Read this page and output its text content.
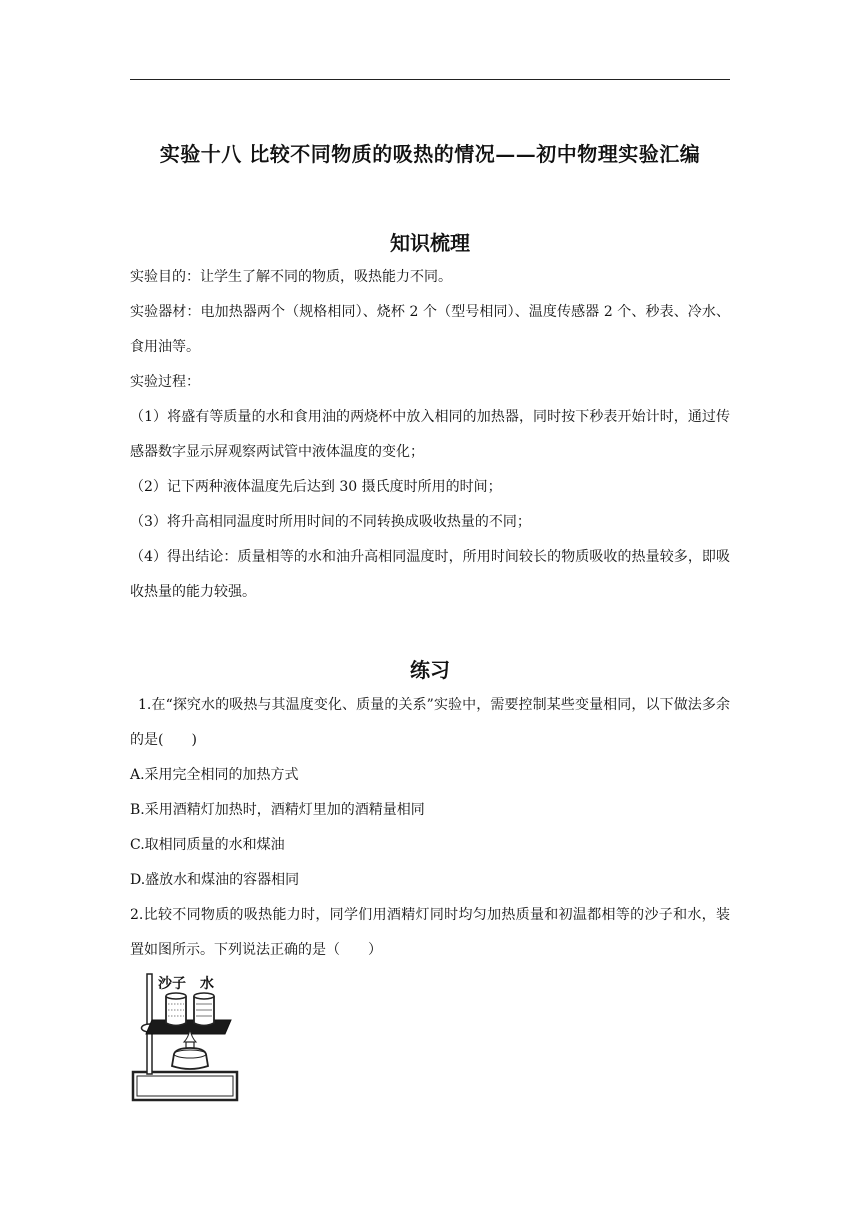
实验十八 比较不同物质的吸热的情况——初中物理实验汇编
知识梳理

实验目的：让学生了解不同的物质，吸热能力不同。

实验器材：电加热器两个（规格相同）、烧杯 2 个（型号相同）、温度传感器 2 个、秒表、冷水、食用油等。

实验过程：

（1）将盛有等质量的水和食用油的两烧杯中放入相同的加热器，同时按下秒表开始计时，通过传感器数字显示屏观察两试管中液体温度的变化；

（2）记下两种液体温度先后达到 30 摄氏度时所用的时间；

（3）将升高相同温度时所用时间的不同转换成吸收热量的不同；

（4）得出结论：质量相等的水和油升高相同温度时，所用时间较长的物质吸收的热量较多，即吸收热量的能力较强。

练习

1.在“探究水的吸热与其温度变化、质量的关系”实验中，需要控制某些变量相同，以下做法多余的是(　　)

A.采用完全相同的加热方式

B.采用酒精灯加热时，酒精灯里加的酒精量相同

C.取相同质量的水和煤油

D.盛放水和煤油的容器相同

2.比较不同物质的吸热能力时，同学们用酒精灯同时均匀加热质量和初温都相等的沙子和水，装置如图所示。下列说法正确的是（　　）

沙子 水
